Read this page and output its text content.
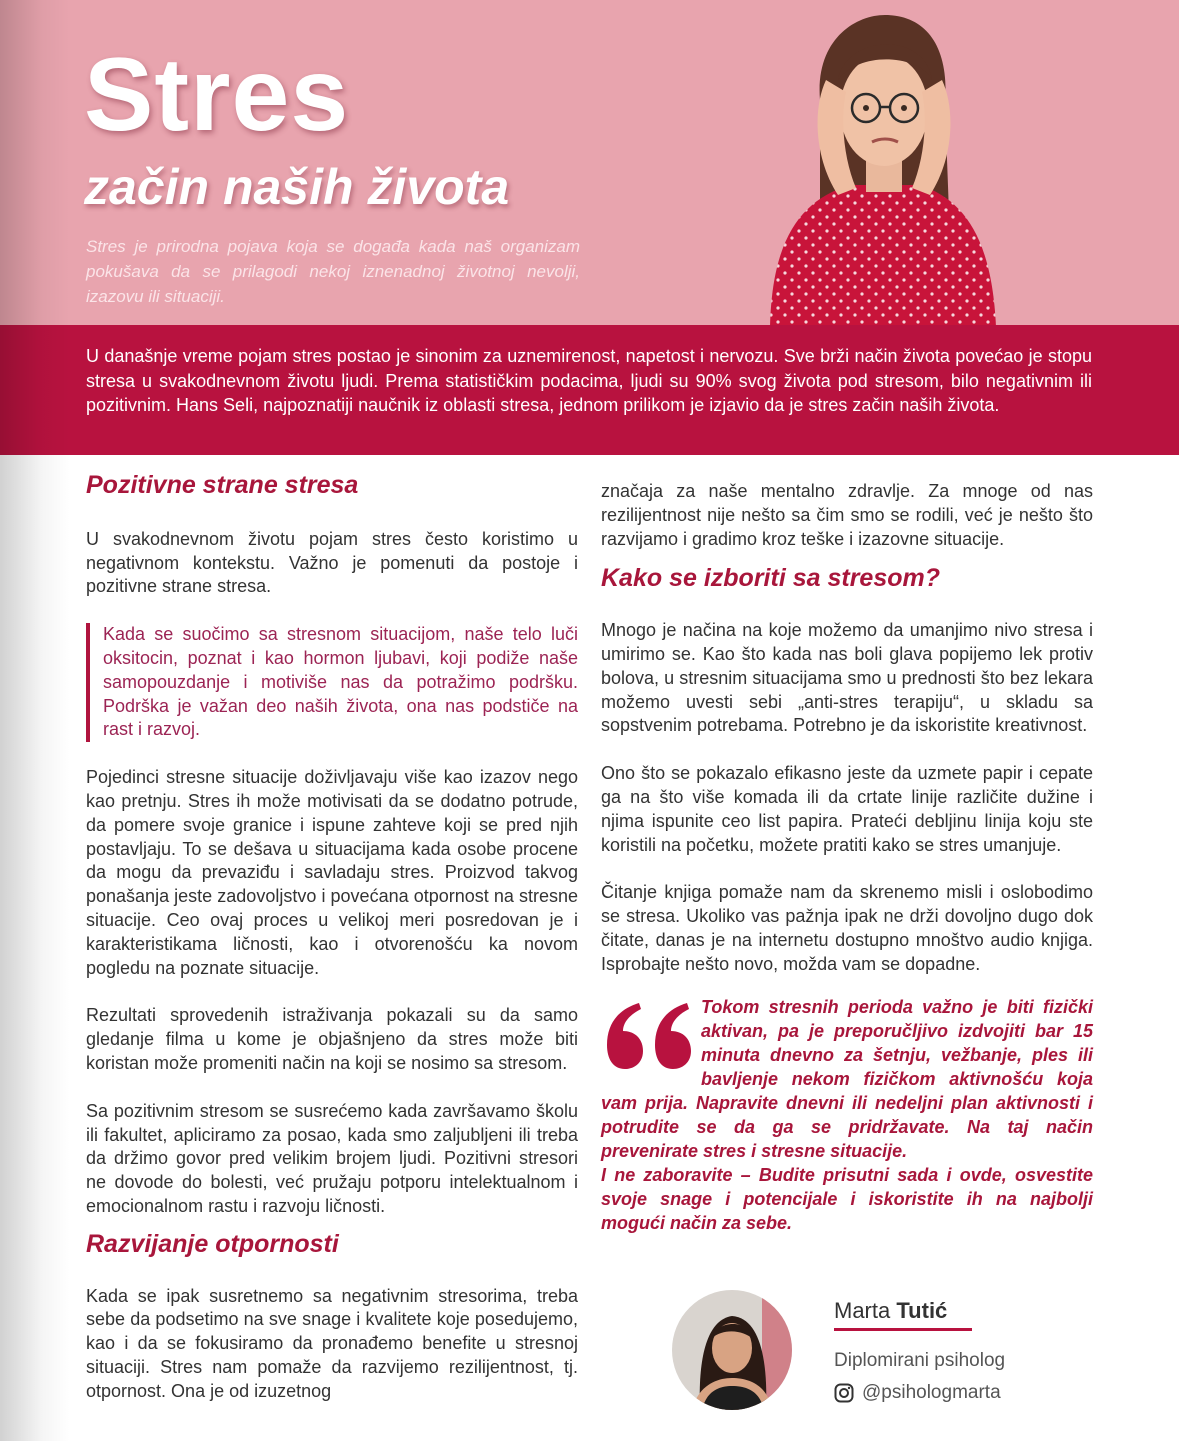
Stres
začin naših života
Stres je prirodna pojava koja se događa kada naš organizam pokušava da se prilagodi nekoj iznenadnoj životnoj nevolji, izazovu ili situaciji.
U današnje vreme pojam stres postao je sinonim za uznemirenost, napetost i nervozu. Sve brži način života povećao je stopu stresa u svakodnevnom životu ljudi. Prema statističkim podacima, ljudi su 90% svog života pod stresom, bilo negativnim ili pozitivnim. Hans Seli, najpoznatiji naučnik iz oblasti stresa, jednom prilikom je izjavio da je stres začin naših života.
Pozitivne strane stresa

U svakodnevnom životu pojam stres često koristimo u negativnom kontekstu. Važno je pomenuti da postoje i pozitivne strane stresa.

Kada se suočimo sa stresnom situacijom, naše telo luči oksitocin, poznat i kao hormon ljubavi, koji podiže naše samopouzdanje i motiviše nas da potražimo podršku. Podrška je važan deo naših života, ona nas podstiče na rast i razvoj.

Pojedinci stresne situacije doživljavaju više kao izazov nego kao pretnju. Stres ih može motivisati da se dodatno potrude, da pomere svoje granice i ispune zahteve koji se pred njih postavljaju. To se dešava u situacijama kada osobe procene da mogu da prevaziđu i savladaju stres. Proizvod takvog ponašanja jeste zadovoljstvo i povećana otpornost na stresne situacije. Ceo ovaj proces u velikoj meri posredovan je i karakteristikama ličnosti, kao i otvorenošću ka novom pogledu na poznate situacije.

Rezultati sprovedenih istraživanja pokazali su da samo gledanje filma u kome je objašnjeno da stres može biti koristan može promeniti način na koji se nosimo sa stresom.

Sa pozitivnim stresom se susrećemo kada završavamo školu ili fakultet, apliciramo za posao, kada smo zaljubljeni ili treba da držimo govor pred velikim brojem ljudi. Pozitivni stresori ne dovode do bolesti, već pružaju potporu intelektualnom i emocionalnom rastu i razvoju ličnosti.

Razvijanje otpornosti

Kada se ipak susretnemo sa negativnim stresorima, treba sebe da podsetimo na sve snage i kvalitete koje posedujemo, kao i da se fokusiramo da pronađemo benefite u stresnoj situaciji. Stres nam pomaže da razvijemo rezilijentnost, tj. otpornost. Ona je od izuzetnog

značaja za naše mentalno zdravlje. Za mnoge od nas rezilijentnost nije nešto sa čim smo se rodili, već je nešto što razvijamo i gradimo kroz teške i izazovne situacije.

Kako se izboriti sa stresom?

Mnogo je načina na koje možemo da umanjimo nivo stresa i umirimo se. Kao što kada nas boli glava popijemo lek protiv bolova, u stresnim situacijama smo u prednosti što bez lekara možemo uvesti sebi „anti-stres terapiju“, u skladu sa sopstvenim potrebama. Potrebno je da iskoristite kreativnost.

Ono što se pokazalo efikasno jeste da uzmete papir i cepate ga na što više komada ili da crtate linije različite dužine i njima ispunite ceo list papira. Prateći debljinu linija koju ste koristili na početku, možete pratiti kako se stres umanjuje.

Čitanje knjiga pomaže nam da skrenemo misli i oslobodimo se stresa. Ukoliko vas pažnja ipak ne drži dovoljno dugo dok čitate, danas je na internetu dostupno mnoštvo audio knjiga. Isprobajte nešto novo, možda vam se dopadne.

Tokom stresnih perioda važno je biti fizički aktivan, pa je preporučljivo izdvojiti bar 15 minuta dnevno za šetnju, vežbanje, ples ili bavljenje nekom fizičkom aktivnošću koja vam prija. Napravite dnevni ili nedeljni plan aktivnosti i potrudite se da ga se pridržavate. Na taj način prevenirate stres i stresne situacije.
I ne zaboravite – Budite prisutni sada i ovde, osvestite svoje snage i potencijale i iskoristite ih na najbolji mogući način za sebe.
Marta Tutić
Diplomirani psiholog
@psihologmarta
